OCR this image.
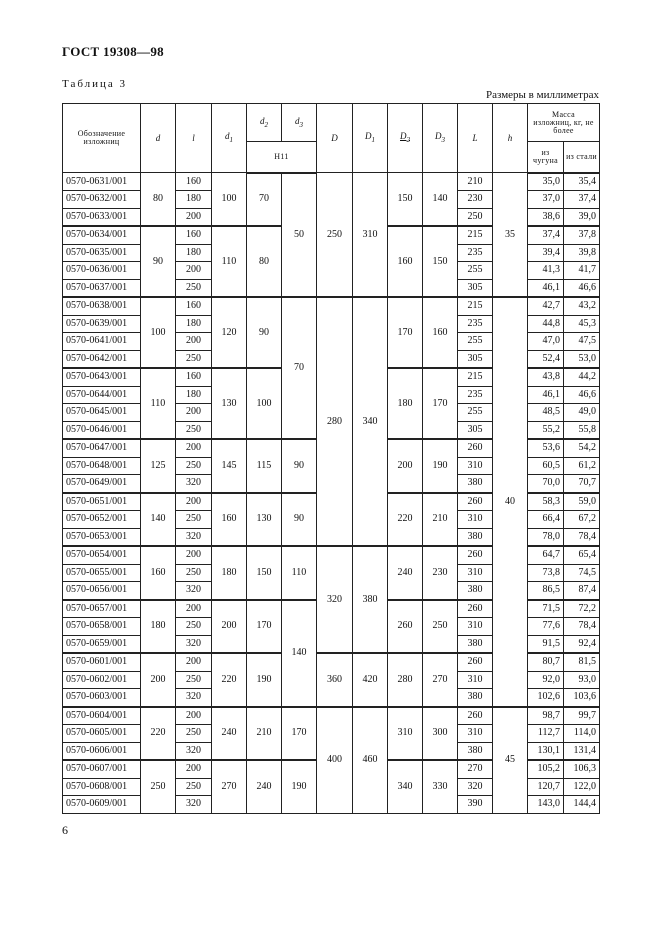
ГОСТ 19308—98
Таблица 3
Размеры в миллиметрах
Обозначение изложниц	d	l	$d_1$	$d_2$	$d_3$	D	$D_1$	$D_2$	$D_3$	L	h	Масса изложниц, кг, не более	
				H11								из чугуна	из стали
0570-0631/001	80	160	100	70	50	250	310	150	140	210	35	35,0	35,4
0570-0632/001		180								230		37,0	37,4
0570-0633/001		200								250		38,6	39,0
0570-0634/001	90	160	110	80				160	150	215		37,4	37,8
0570-0635/001		180								235		39,4	39,8
0570-0636/001		200								255		41,3	41,7
0570-0637/001		250								305		46,1	46,6
0570-0638/001	100	160	120	90	70	280	340	170	160	215	40	42,7	43,2
0570-0639/001		180								235		44,8	45,3
0570-0641/001		200								255		47,0	47,5
0570-0642/001		250								305		52,4	53,0
0570-0643/001	110	160	130	100				180	170	215		43,8	44,2
0570-0644/001		180								235		46,1	46,6
0570-0645/001		200								255		48,5	49,0
0570-0646/001		250								305		55,2	55,8
0570-0647/001	125	200	145	115	90			200	190	260		53,6	54,2
0570-0648/001		250								310		60,5	61,2
0570-0649/001		320								380		70,0	70,7
0570-0651/001	140	200	160	130	90			220	210	260		58,3	59,0
0570-0652/001		250								310		66,4	67,2
0570-0653/001		320								380		78,0	78,4
0570-0654/001	160	200	180	150	110	320	380	240	230	260		64,7	65,4
0570-0655/001		250								310		73,8	74,5
0570-0656/001		320								380		86,5	87,4
0570-0657/001	180	200	200	170	140			260	250	260		71,5	72,2
0570-0658/001		250								310		77,6	78,4
0570-0659/001		320								380		91,5	92,4
0570-0601/001	200	200	220	190		360	420	280	270	260		80,7	81,5
0570-0602/001		250								310		92,0	93,0
0570-0603/001		320								380		102,6	103,6
0570-0604/001	220	200	240	210	170	400	460	310	300	260	45	98,7	99,7
0570-0605/001		250								310		112,7	114,0
0570-0606/001		320								380		130,1	131,4
0570-0607/001	250	200	270	240	190			340	330	270		105,2	106,3
0570-0608/001		250								320		120,7	122,0
0570-0609/001		320								390		143,0	144,4
6
